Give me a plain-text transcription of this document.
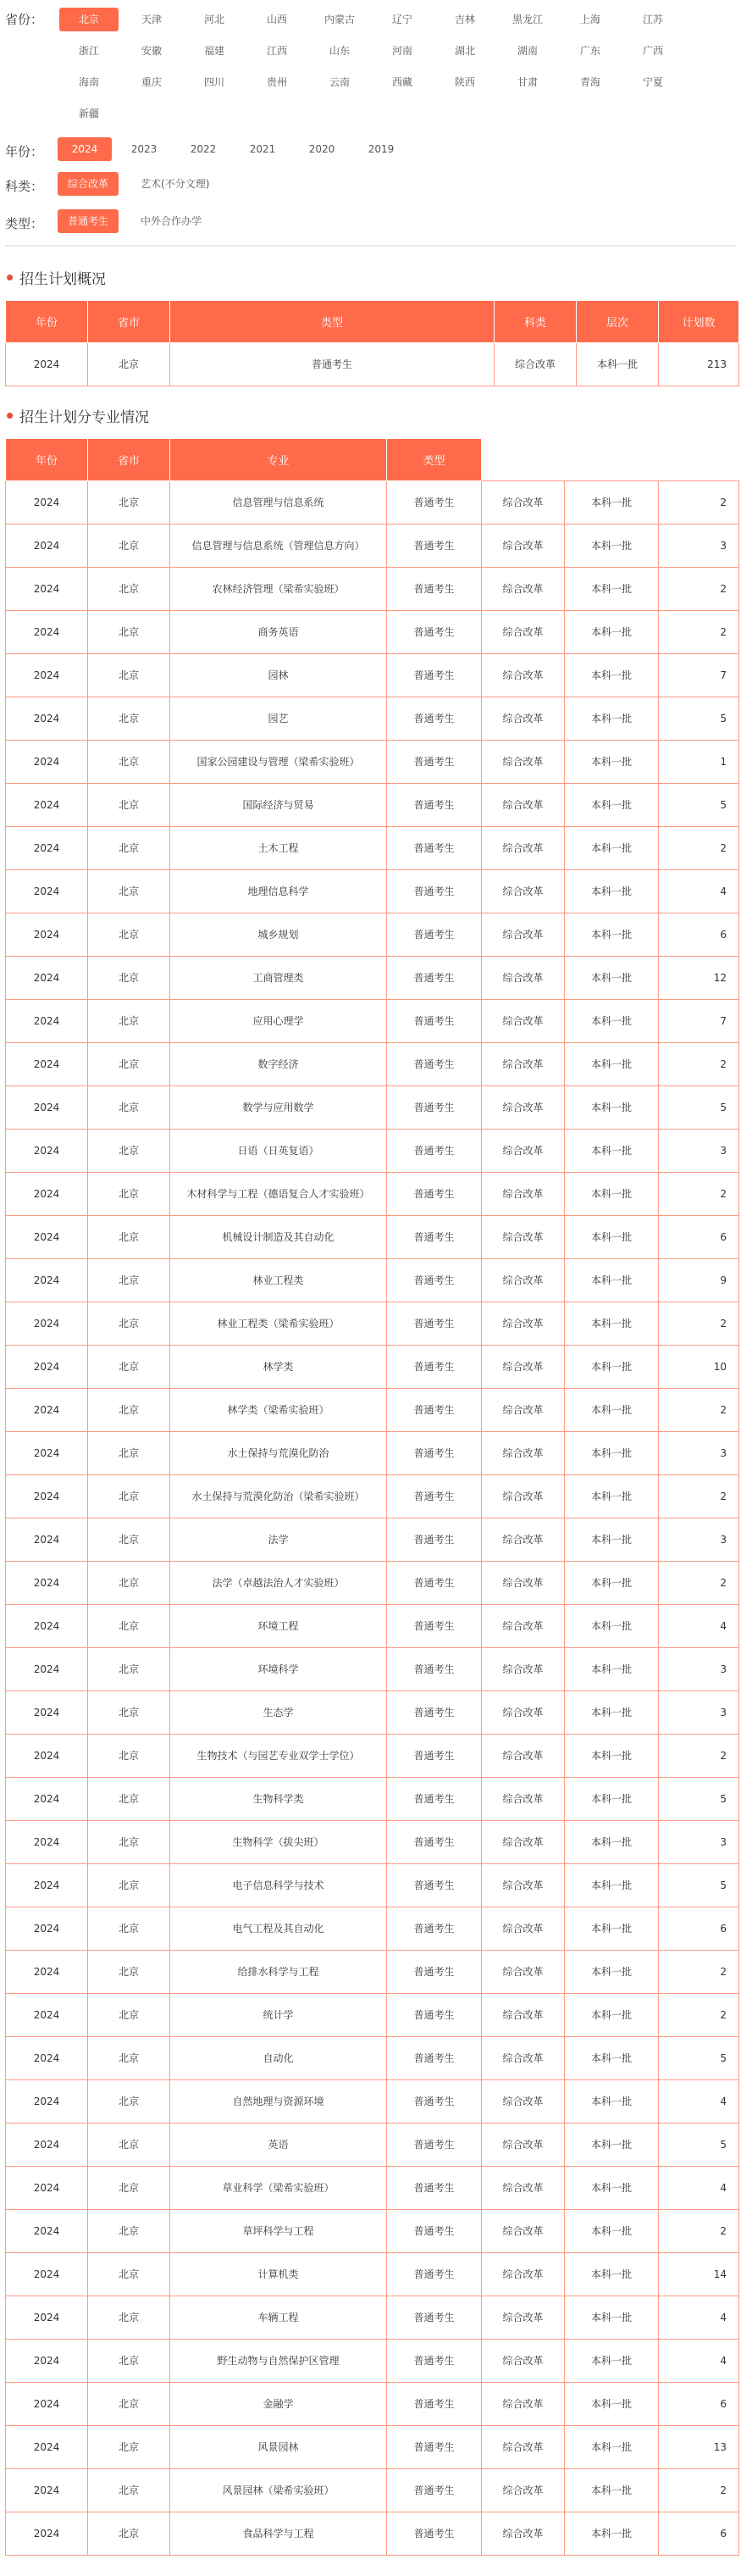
省份：	北京	天津	河北	山西	内蒙古	辽宁	吉林	黑龙江	上海	江苏
浙江	安徽	福建	江西	山东	河南	湖北	湖南	广东	广西
海南	重庆	四川	贵州	云南	西藏	陕西	甘肃	青海	宁夏
新疆
年份：	2024	2023	2022	2021	2020	2019
科类：	综合改革	艺术(不分文理)
类型：	普通考生	中外合作办学
招生计划概况
年份	省市	类型	科类	层次	计划数
2024	北京	普通考生	综合改革	本科一批	213
招生计划分专业情况
年份	省市	专业	类型			
2024	北京	信息管理与信息系统	普通考生	综合改革	本科一批	2
2024	北京	信息管理与信息系统（管理信息方向）	普通考生	综合改革	本科一批	3
2024	北京	农林经济管理（梁希实验班）	普通考生	综合改革	本科一批	2
2024	北京	商务英语	普通考生	综合改革	本科一批	2
2024	北京	园林	普通考生	综合改革	本科一批	7
2024	北京	园艺	普通考生	综合改革	本科一批	5
2024	北京	国家公园建设与管理（梁希实验班）	普通考生	综合改革	本科一批	1
2024	北京	国际经济与贸易	普通考生	综合改革	本科一批	5
2024	北京	土木工程	普通考生	综合改革	本科一批	2
2024	北京	地理信息科学	普通考生	综合改革	本科一批	4
2024	北京	城乡规划	普通考生	综合改革	本科一批	6
2024	北京	工商管理类	普通考生	综合改革	本科一批	12
2024	北京	应用心理学	普通考生	综合改革	本科一批	7
2024	北京	数字经济	普通考生	综合改革	本科一批	2
2024	北京	数学与应用数学	普通考生	综合改革	本科一批	5
2024	北京	日语（日英复语）	普通考生	综合改革	本科一批	3
2024	北京	木材科学与工程（德语复合人才实验班）	普通考生	综合改革	本科一批	2
2024	北京	机械设计制造及其自动化	普通考生	综合改革	本科一批	6
2024	北京	林业工程类	普通考生	综合改革	本科一批	9
2024	北京	林业工程类（梁希实验班）	普通考生	综合改革	本科一批	2
2024	北京	林学类	普通考生	综合改革	本科一批	10
2024	北京	林学类（梁希实验班）	普通考生	综合改革	本科一批	2
2024	北京	水土保持与荒漠化防治	普通考生	综合改革	本科一批	3
2024	北京	水土保持与荒漠化防治（梁希实验班）	普通考生	综合改革	本科一批	2
2024	北京	法学	普通考生	综合改革	本科一批	3
2024	北京	法学（卓越法治人才实验班）	普通考生	综合改革	本科一批	2
2024	北京	环境工程	普通考生	综合改革	本科一批	4
2024	北京	环境科学	普通考生	综合改革	本科一批	3
2024	北京	生态学	普通考生	综合改革	本科一批	3
2024	北京	生物技术（与园艺专业双学士学位）	普通考生	综合改革	本科一批	2
2024	北京	生物科学类	普通考生	综合改革	本科一批	5
2024	北京	生物科学（拔尖班）	普通考生	综合改革	本科一批	3
2024	北京	电子信息科学与技术	普通考生	综合改革	本科一批	5
2024	北京	电气工程及其自动化	普通考生	综合改革	本科一批	6
2024	北京	给排水科学与工程	普通考生	综合改革	本科一批	2
2024	北京	统计学	普通考生	综合改革	本科一批	2
2024	北京	自动化	普通考生	综合改革	本科一批	5
2024	北京	自然地理与资源环境	普通考生	综合改革	本科一批	4
2024	北京	英语	普通考生	综合改革	本科一批	5
2024	北京	草业科学（梁希实验班）	普通考生	综合改革	本科一批	4
2024	北京	草坪科学与工程	普通考生	综合改革	本科一批	2
2024	北京	计算机类	普通考生	综合改革	本科一批	14
2024	北京	车辆工程	普通考生	综合改革	本科一批	4
2024	北京	野生动物与自然保护区管理	普通考生	综合改革	本科一批	4
2024	北京	金融学	普通考生	综合改革	本科一批	6
2024	北京	风景园林	普通考生	综合改革	本科一批	13
2024	北京	风景园林（梁希实验班）	普通考生	综合改革	本科一批	2
2024	北京	食品科学与工程	普通考生	综合改革	本科一批	6
